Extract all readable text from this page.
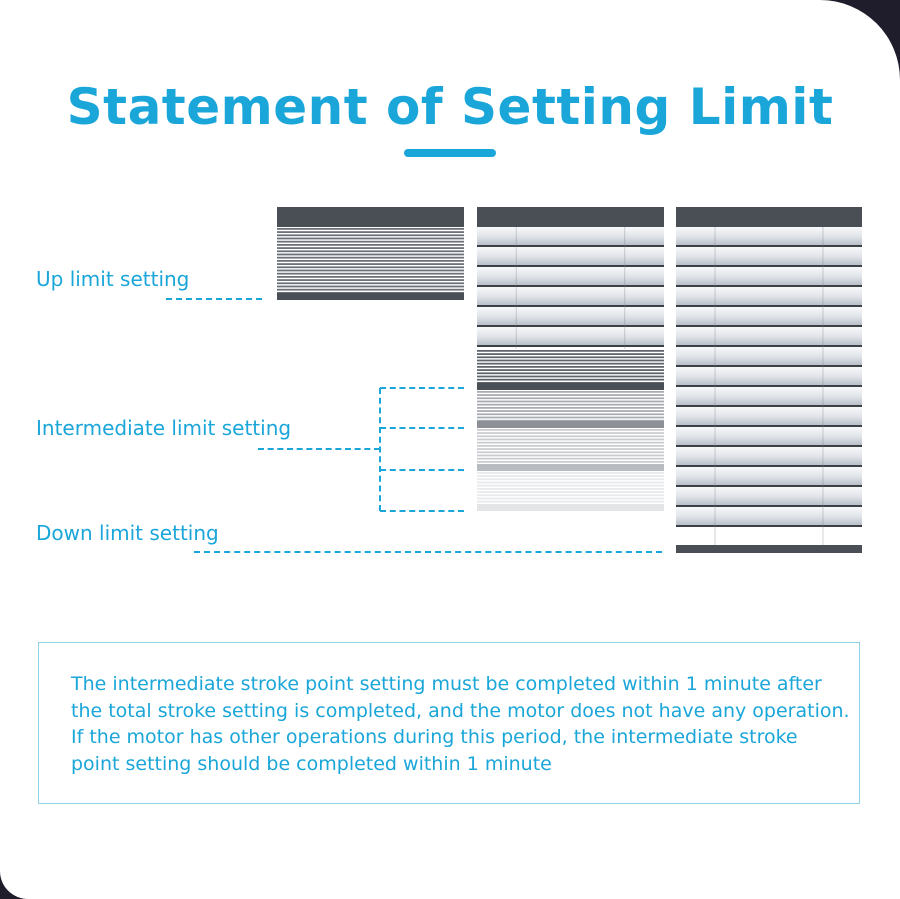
Statement of Setting Limit
Up limit setting
Intermediate limit setting
Down limit setting
The intermediate stroke point setting must be completed within 1 minute after the total stroke setting is completed, and the motor does not have any operation. If the motor has other operations during this period, the intermediate stroke point setting should be completed within 1 minute
